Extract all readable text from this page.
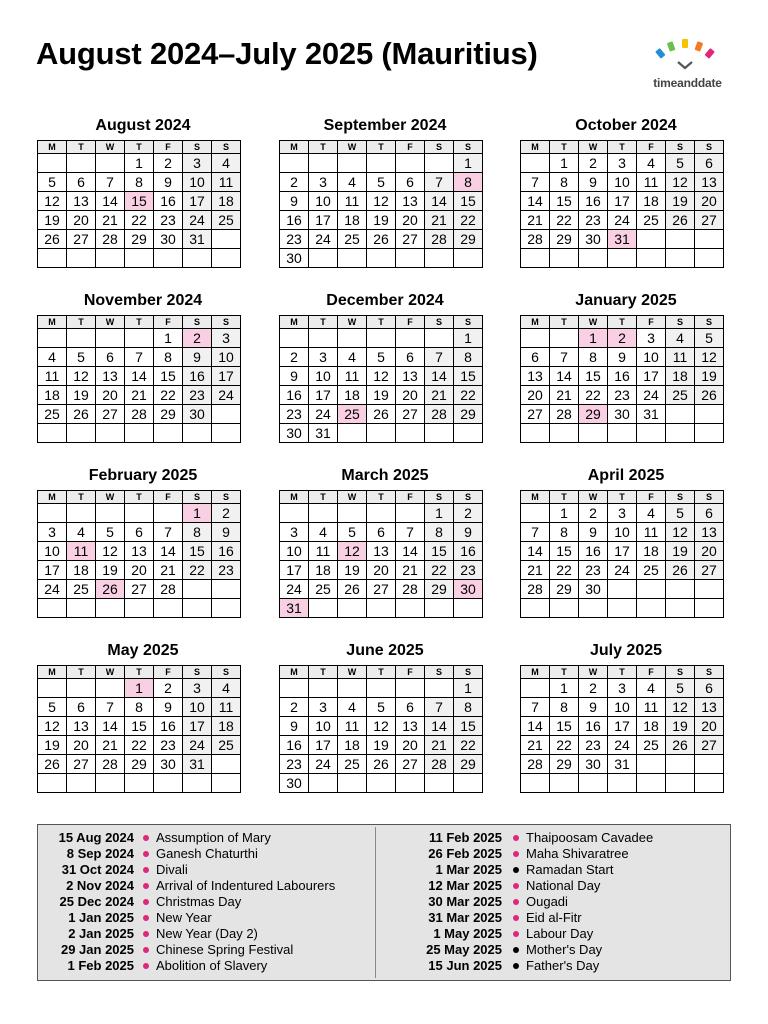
August 2024–July 2025 (Mauritius)
timeanddate
August 2024
M	T	W	T	F	S	S
			1	2	3	4
5	6	7	8	9	10	11
12	13	14	15	16	17	18
19	20	21	22	23	24	25
26	27	28	29	30	31	

September 2024
M	T	W	T	F	S	S
						1
2	3	4	5	6	7	8
9	10	11	12	13	14	15
16	17	18	19	20	21	22
23	24	25	26	27	28	29
30						
October 2024
M	T	W	T	F	S	S
	1	2	3	4	5	6
7	8	9	10	11	12	13
14	15	16	17	18	19	20
21	22	23	24	25	26	27
28	29	30	31			

November 2024
M	T	W	T	F	S	S
				1	2	3
4	5	6	7	8	9	10
11	12	13	14	15	16	17
18	19	20	21	22	23	24
25	26	27	28	29	30	

December 2024
M	T	W	T	F	S	S
						1
2	3	4	5	6	7	8
9	10	11	12	13	14	15
16	17	18	19	20	21	22
23	24	25	26	27	28	29
30	31					
January 2025
M	T	W	T	F	S	S
		1	2	3	4	5
6	7	8	9	10	11	12
13	14	15	16	17	18	19
20	21	22	23	24	25	26
27	28	29	30	31		

February 2025
M	T	W	T	F	S	S
					1	2
3	4	5	6	7	8	9
10	11	12	13	14	15	16
17	18	19	20	21	22	23
24	25	26	27	28		

March 2025
M	T	W	T	F	S	S
					1	2
3	4	5	6	7	8	9
10	11	12	13	14	15	16
17	18	19	20	21	22	23
24	25	26	27	28	29	30
31						
April 2025
M	T	W	T	F	S	S
	1	2	3	4	5	6
7	8	9	10	11	12	13
14	15	16	17	18	19	20
21	22	23	24	25	26	27
28	29	30				

May 2025
M	T	W	T	F	S	S
			1	2	3	4
5	6	7	8	9	10	11
12	13	14	15	16	17	18
19	20	21	22	23	24	25
26	27	28	29	30	31	

June 2025
M	T	W	T	F	S	S
						1
2	3	4	5	6	7	8
9	10	11	12	13	14	15
16	17	18	19	20	21	22
23	24	25	26	27	28	29
30						
July 2025
M	T	W	T	F	S	S
	1	2	3	4	5	6
7	8	9	10	11	12	13
14	15	16	17	18	19	20
21	22	23	24	25	26	27
28	29	30	31			

15 Aug 2024 Assumption of Mary
8 Sep 2024 Ganesh Chaturthi
31 Oct 2024 Divali
2 Nov 2024 Arrival of Indentured Labourers
25 Dec 2024 Christmas Day
1 Jan 2025 New Year
2 Jan 2025 New Year (Day 2)
29 Jan 2025 Chinese Spring Festival
1 Feb 2025 Abolition of Slavery
11 Feb 2025 Thaipoosam Cavadee
26 Feb 2025 Maha Shivaratree
1 Mar 2025 Ramadan Start
12 Mar 2025 National Day
30 Mar 2025 Ougadi
31 Mar 2025 Eid al-Fitr
1 May 2025 Labour Day
25 May 2025 Mother's Day
15 Jun 2025 Father's Day
